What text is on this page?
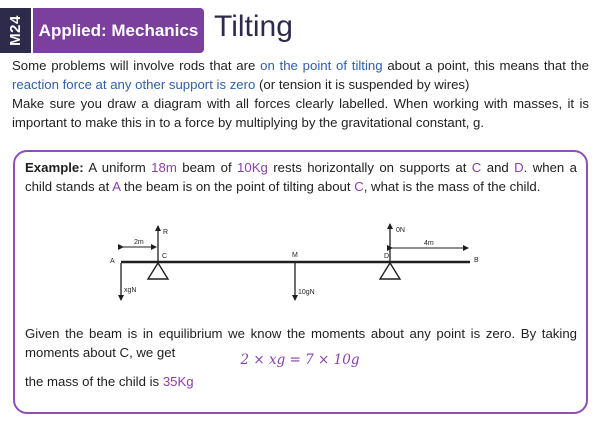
M24 Applied: Mechanics Tilting

Some problems will involve rods that are on the point of tilting about a point, this means that the reaction force at any other support is zero (or tension it is suspended by wires)

Make sure you draw a diagram with all forces clearly labelled. When working with masses, it is important to make this in to a force by multiplying by the gravitational constant, g.

Example: A uniform 18m beam of 10Kg rests horizontally on supports at C and D. when a child stands at A the beam is on the point of tilting about C, what is the mass of the child.

A	B
C	D
M
R	0N
2m	4m
xgN	10gN

Given the beam is in equilibrium we know the moments about any point is zero. By taking moments about C, we get	2 × xg = 7 × 10g

the mass of the child is 35Kg
